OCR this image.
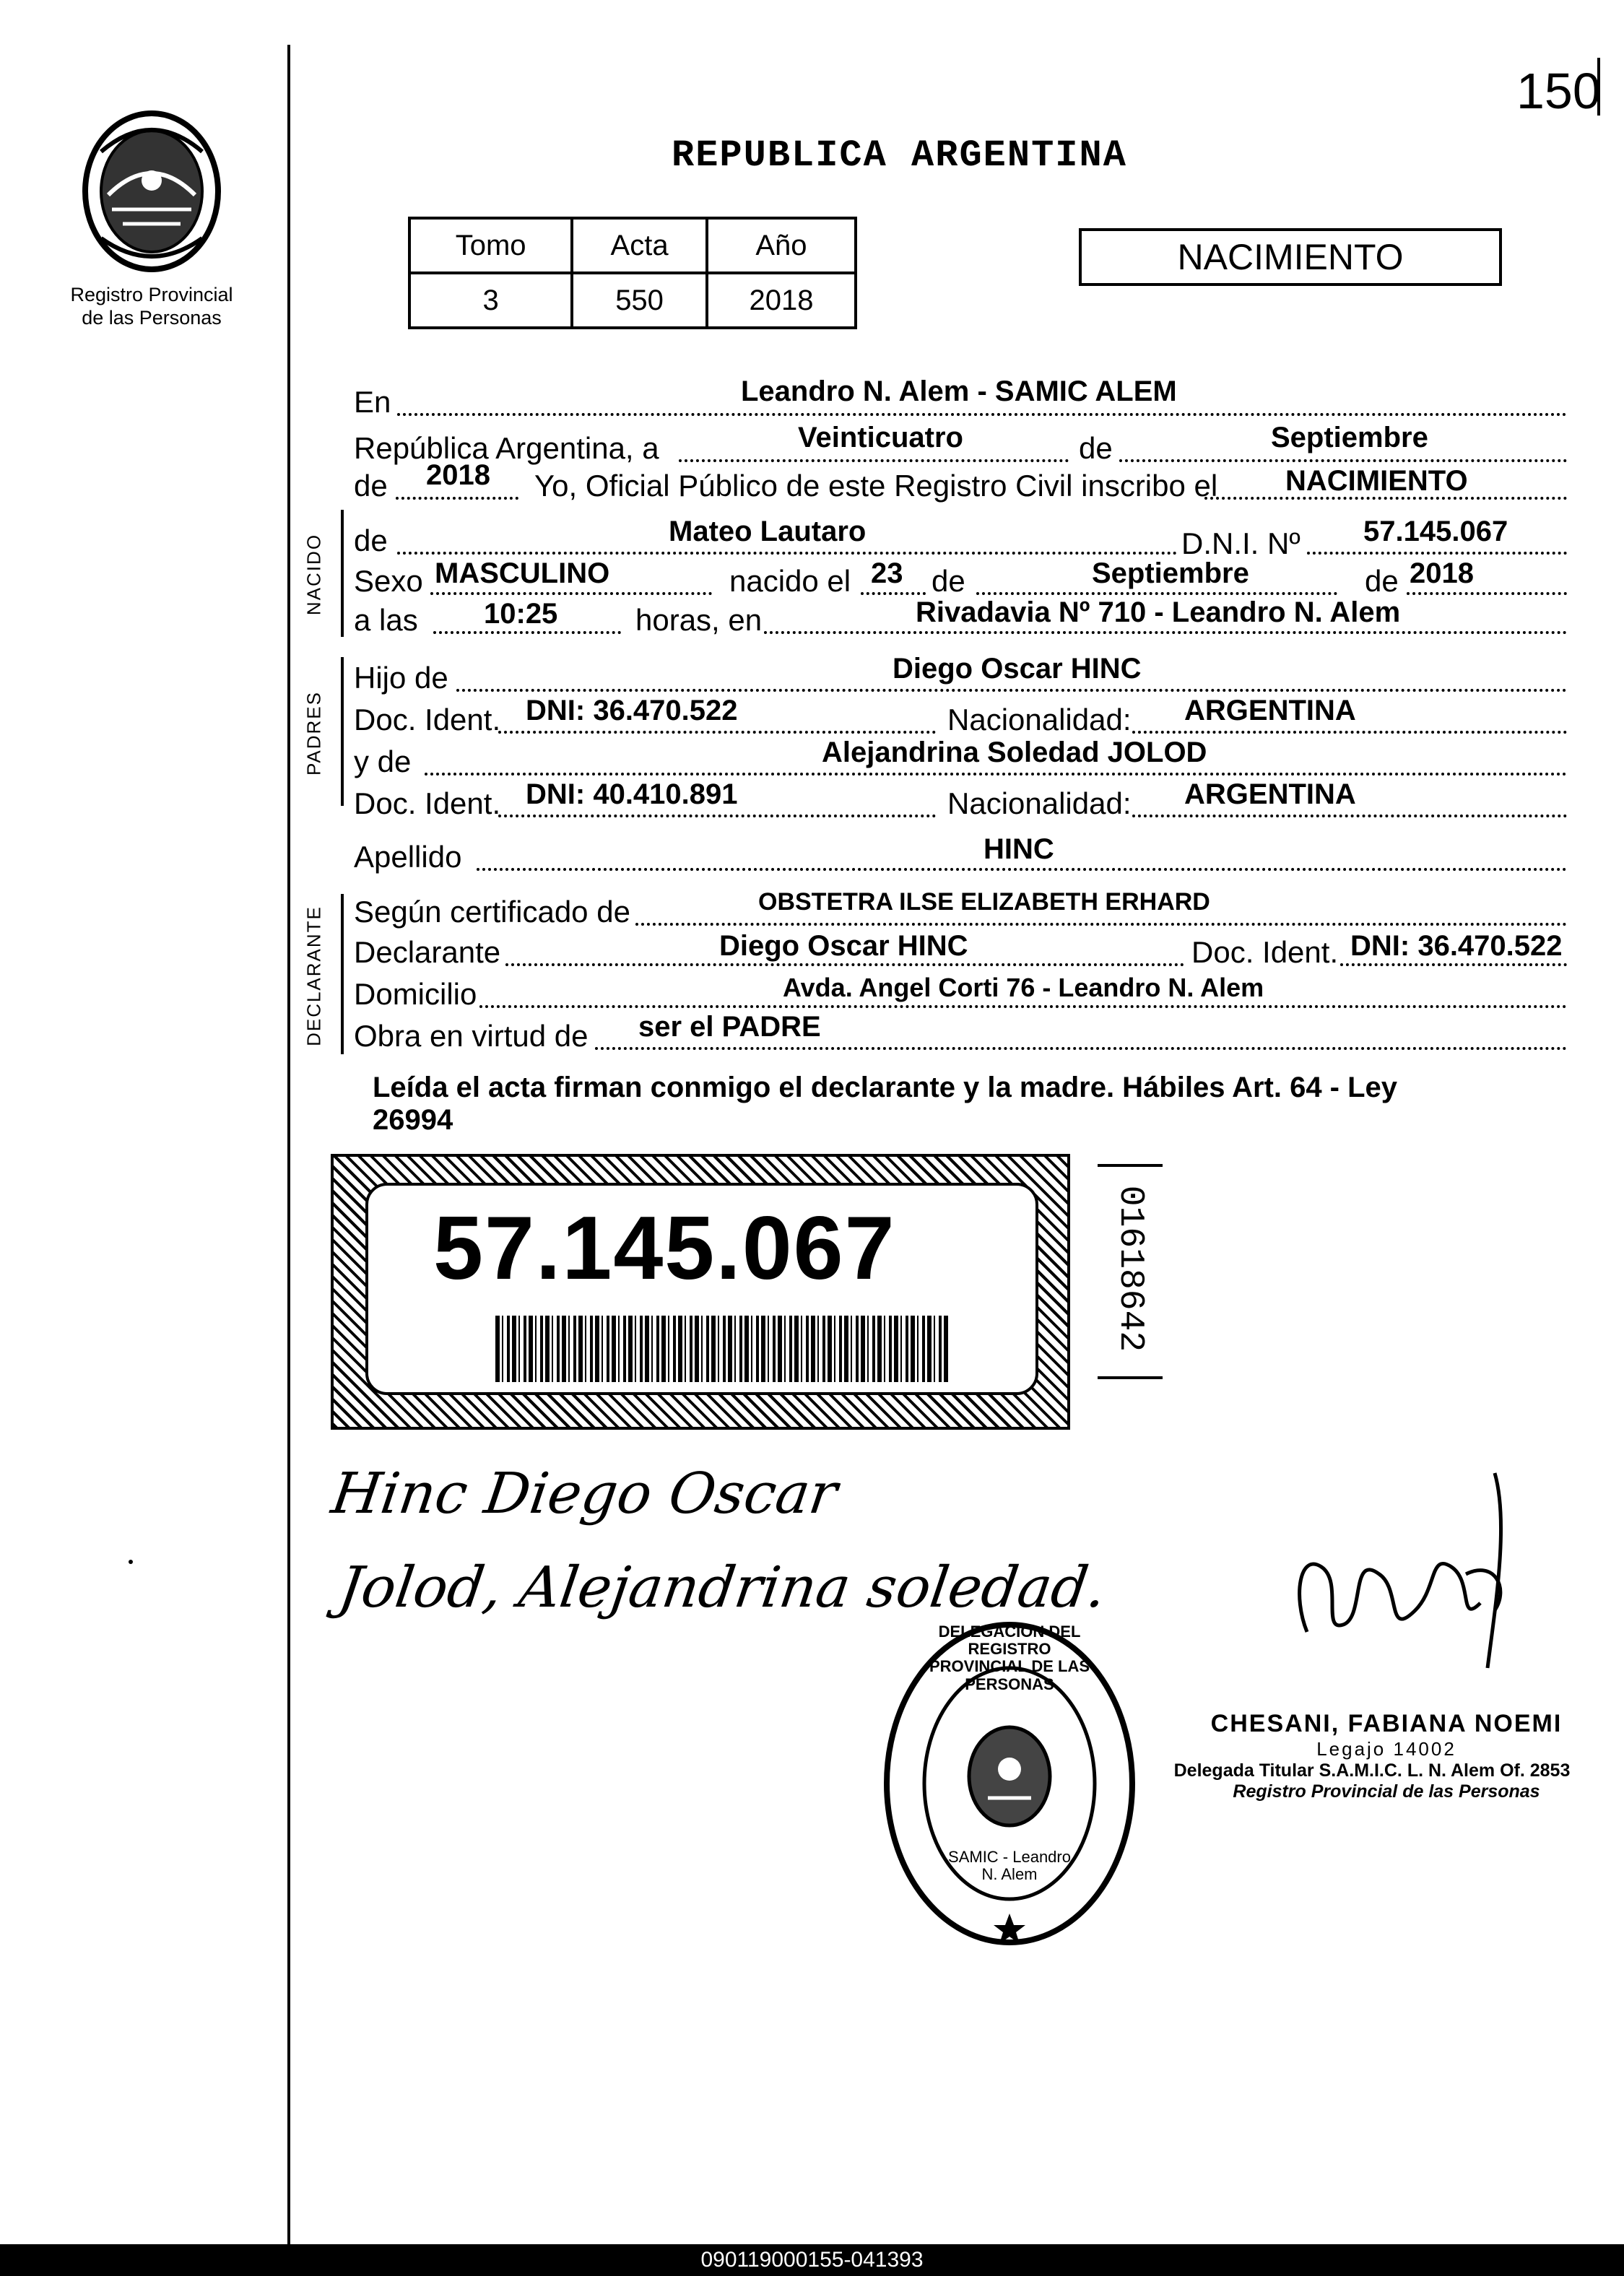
150
Registro Provincial
de las Personas
REPUBLICA ARGENTINA
Tomo	Acta	Año
3	550	2018
NACIMIENTO
En	Leandro N. Alem - SAMIC ALEM
República Argentina, a	Veinticuatro	de	Septiembre
de 2018 Yo, Oficial Público de este Registro Civil inscribo el NACIMIENTO
NACIDO de	Mateo Lautaro	D.N.I. Nº 57.145.067
Sexo MASCULINO	nacido el 23 de	Septiembre	de 2018
a las 10:25	horas, en	Rivadavia Nº 710 - Leandro N. Alem
PADRES
Hijo de	Diego Oscar HINC
Doc. Ident. DNI: 36.470.522	Nacionalidad: ARGENTINA
y de	Alejandrina Soledad JOLOD
Doc. Ident. DNI: 40.410.891	Nacionalidad: ARGENTINA
Apellido	HINC
DECLARANTE Según certificado de	OBSTETRA ILSE ELIZABETH ERHARD
Declarante	Diego Oscar HINC	Doc. Ident. DNI: 36.470.522
Domicilio	Avda. Angel Corti 76 - Leandro N. Alem
Obra en virtud de ser el PADRE
Leída el acta firman conmigo el declarante y la madre. Hábiles Art. 64 - Ley
26994
57.145.067	01618642
Hinc Diego Oscar
Jolod, Alejandrina soledad.
DELEGACION DEL REGISTRO PROVINCIAL DE LAS PERSONAS
SAMIC - Leandro N. Alem
CHESANI, FABIANA NOEMI
Legajo 14002
Delegada Titular S.A.M.I.C. L. N. Alem Of. 2853
Registro Provincial de las Personas
090119000155-041393
